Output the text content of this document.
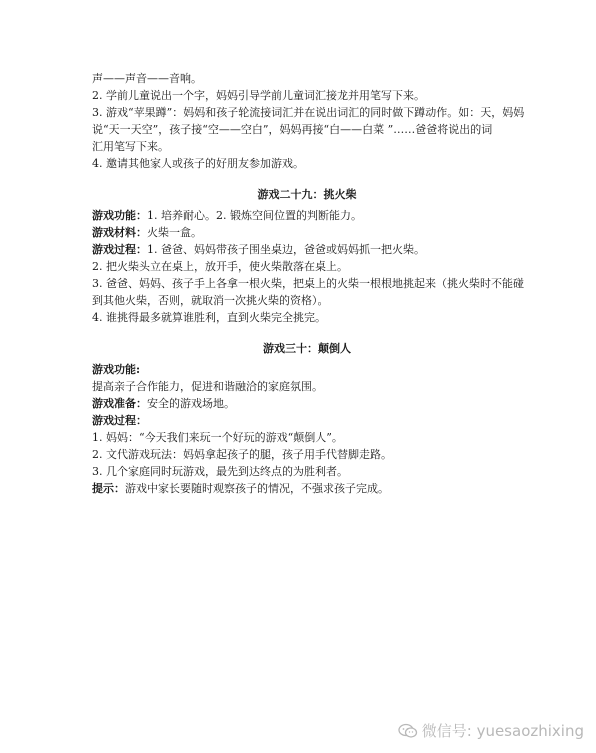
声——声音——音响。
2. 学前儿童说出一个字，妈妈引导学前儿童词汇接龙并用笔写下来。
3. 游戏“苹果蹲”：妈妈和孩子轮流接词汇并在说出词汇的同时做下蹲动作。如：天，妈妈
说“天一天空”，孩子接“空——空白”，妈妈再接“白——白菜 ”……爸爸将说出的词
汇用笔写下来。
4. 邀请其他家人或孩子的好朋友参加游戏。
游戏二十九：挑火柴
游戏功能：1. 培养耐心。2. 锻炼空间位置的判断能力。
游戏材料：火柴一盒。
游戏过程：1. 爸爸、妈妈带孩子围坐桌边，爸爸或妈妈抓一把火柴。
2. 把火柴头立在桌上，放开手，使火柴散落在桌上。
3. 爸爸、妈妈、孩子手上各拿一根火柴，把桌上的火柴一根根地挑起来（挑火柴时不能碰
到其他火柴，否则，就取消一次挑火柴的资格）。
4. 谁挑得最多就算谁胜利，直到火柴完全挑完。
游戏三十：颠倒人
游戏功能:
提高亲子合作能力，促进和谐融洽的家庭氛围。
游戏准备：安全的游戏场地。
游戏过程：
1. 妈妈：“今天我们来玩一个好玩的游戏“颠倒人”。
2. 文代游戏玩法：妈妈拿起孩子的腿，孩子用手代替脚走路。
3. 几个家庭同时玩游戏，最先到达终点的为胜利者。
提示：游戏中家长要随时观察孩子的情况，不强求孩子完成。
微信号: yuesaozhixing
